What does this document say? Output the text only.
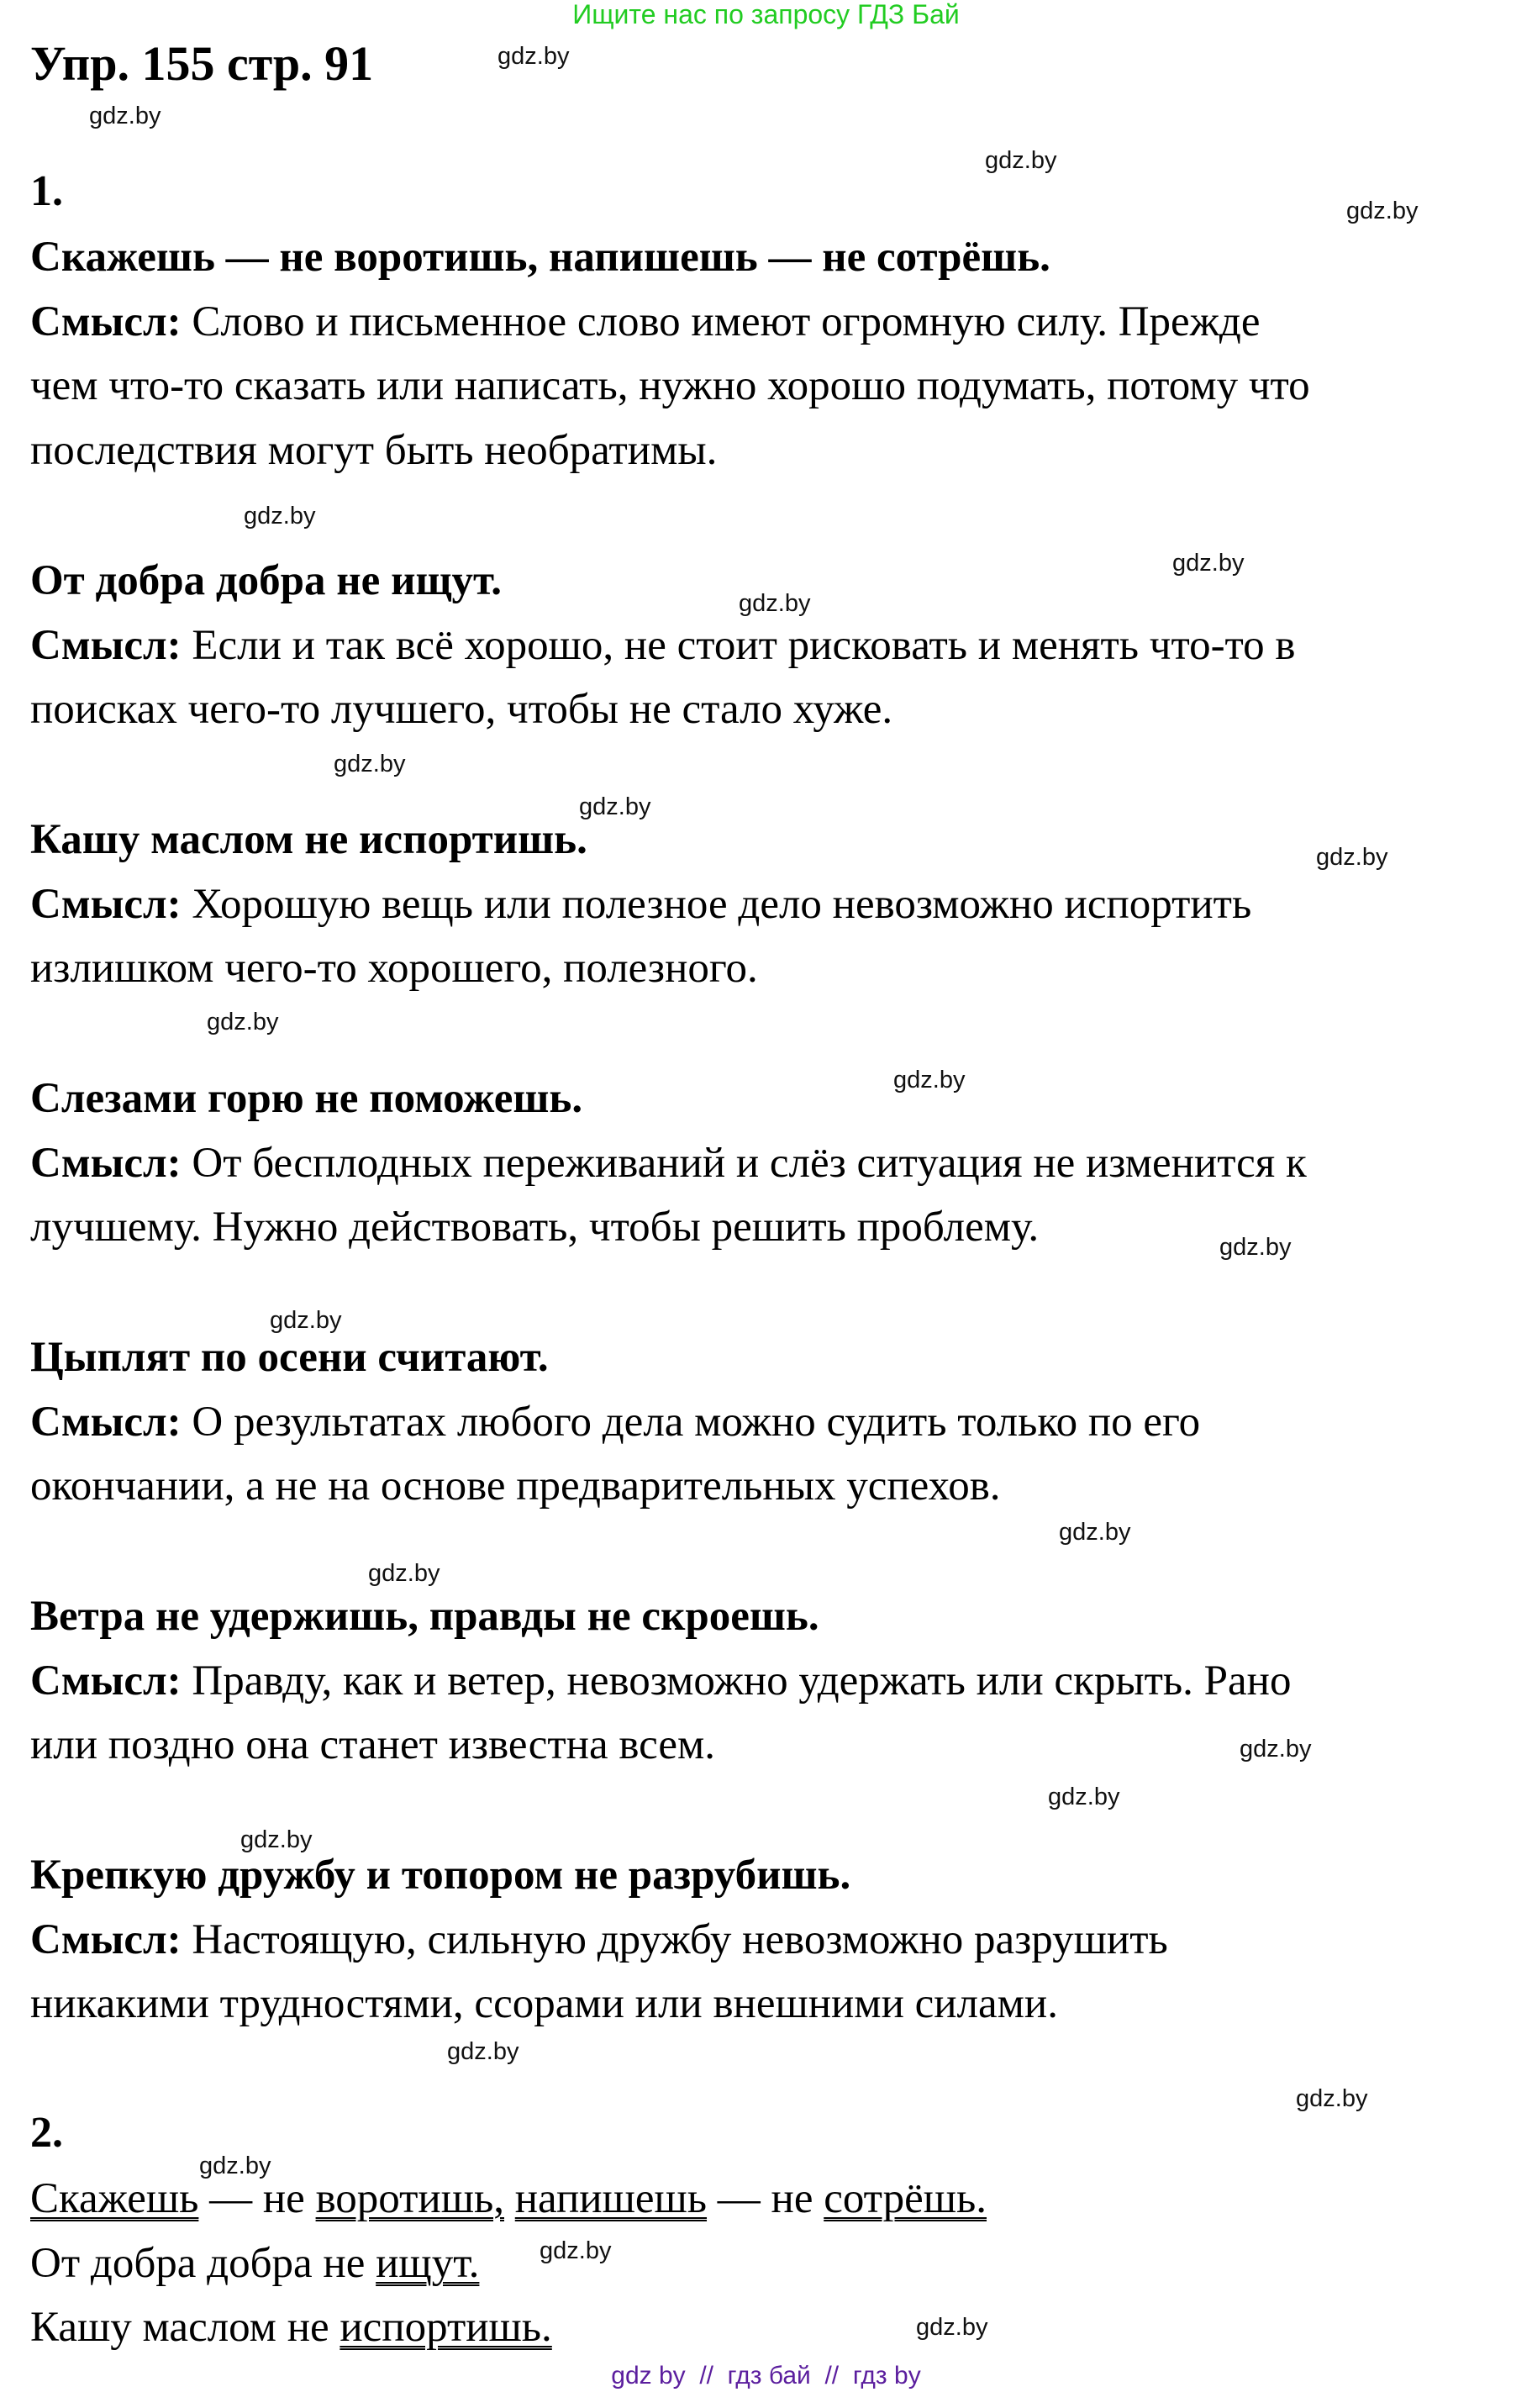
Ищите нас по запросу ГДЗ Бай
Упр. 155 стр. 91
1.
Скажешь — не воротишь, напишешь — не сотрёшь.
Смысл: Слово и письменное слово имеют огромную силу. Прежде
чем что-то сказать или написать, нужно хорошо подумать, потому что
последствия могут быть необратимы.
От добра добра не ищут.
Смысл: Если и так всё хорошо, не стоит рисковать и менять что-то в
поисках чего-то лучшего, чтобы не стало хуже.
Кашу маслом не испортишь.
Смысл: Хорошую вещь или полезное дело невозможно испортить
излишком чего-то хорошего, полезного.
Слезами горю не поможешь.
Смысл: От бесплодных переживаний и слёз ситуация не изменится к
лучшему. Нужно действовать, чтобы решить проблему.
Цыплят по осени считают.
Смысл: О результатах любого дела можно судить только по его
окончании, а не на основе предварительных успехов.
Ветра не удержишь, правды не скроешь.
Смысл: Правду, как и ветер, невозможно удержать или скрыть. Рано
или поздно она станет известна всем.
Крепкую дружбу и топором не разрубишь.
Смысл: Настоящую, сильную дружбу невозможно разрушить
никакими трудностями, ссорами или внешними силами.
2.
Скажешь — не воротишь, напишешь — не сотрёшь.
От добра добра не ищут.
Кашу маслом не испортишь.
gdz.by
gdz.by
gdz.by
gdz.by
gdz.by
gdz.by
gdz.by
gdz.by
gdz.by
gdz.by
gdz.by
gdz.by
gdz.by
gdz.by
gdz.by
gdz.by
gdz.by
gdz.by
gdz.by
gdz.by
gdz.by
gdz.by
gdz.by
gdz.by
gdz by  //  гдз бай  //  гдз by
